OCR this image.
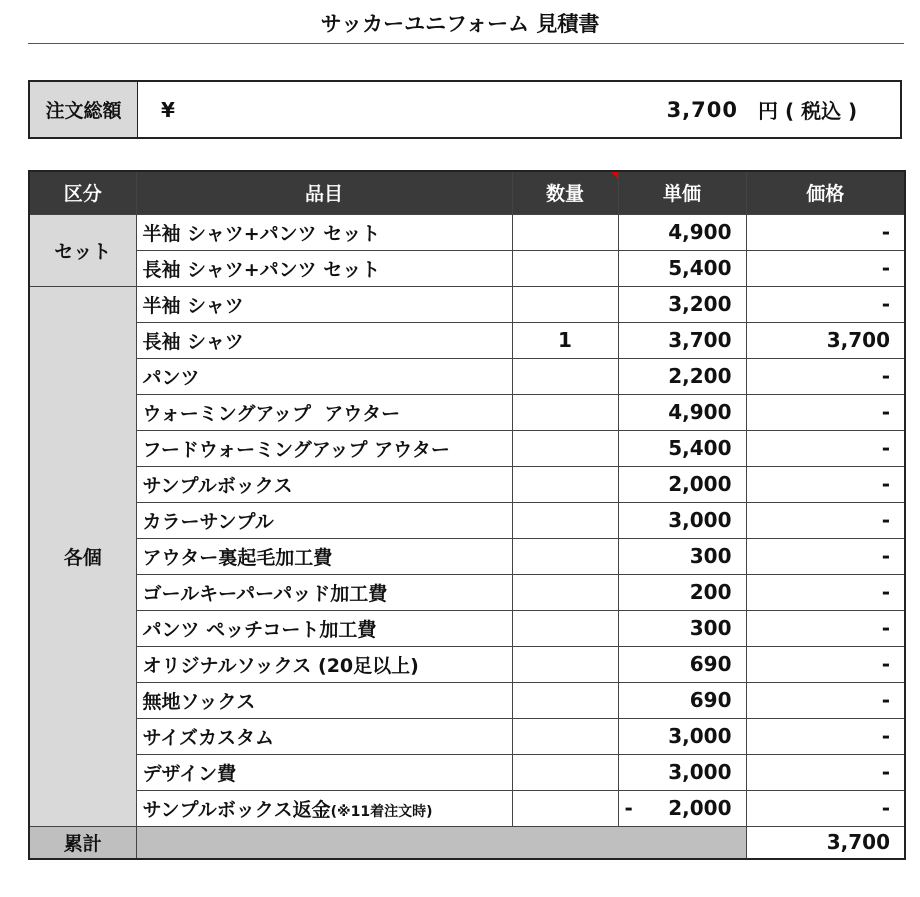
サッカーユニフォーム 見積書
注文総額	¥	3,700	円 ( 税込 )
区分	品目	数量	単価	価格
セット	半袖 シャツ+パンツ セット		4,900	-
	長袖 シャツ+パンツ セット		5,400	-
各個	半袖 シャツ		3,200	-
	長袖 シャツ	1	3,700	3,700
	パンツ		2,200	-
	ウォーミングアップ  アウター		4,900	-
	フードウォーミングアップ アウター		5,400	-
	サンプルボックス		2,000	-
	カラーサンプル		3,000	-
	アウター裏起毛加工費		300	-
	ゴールキーパーパッド加工費		200	-
	パンツ ペッチコート加工費		300	-
	オリジナルソックス (20足以上)		690	-
	無地ソックス		690	-
	サイズカスタム		3,000	-
	デザイン費		3,000	-
	サンプルボックス返金(※11着注文時)		- 2,000	-
累計				3,700
